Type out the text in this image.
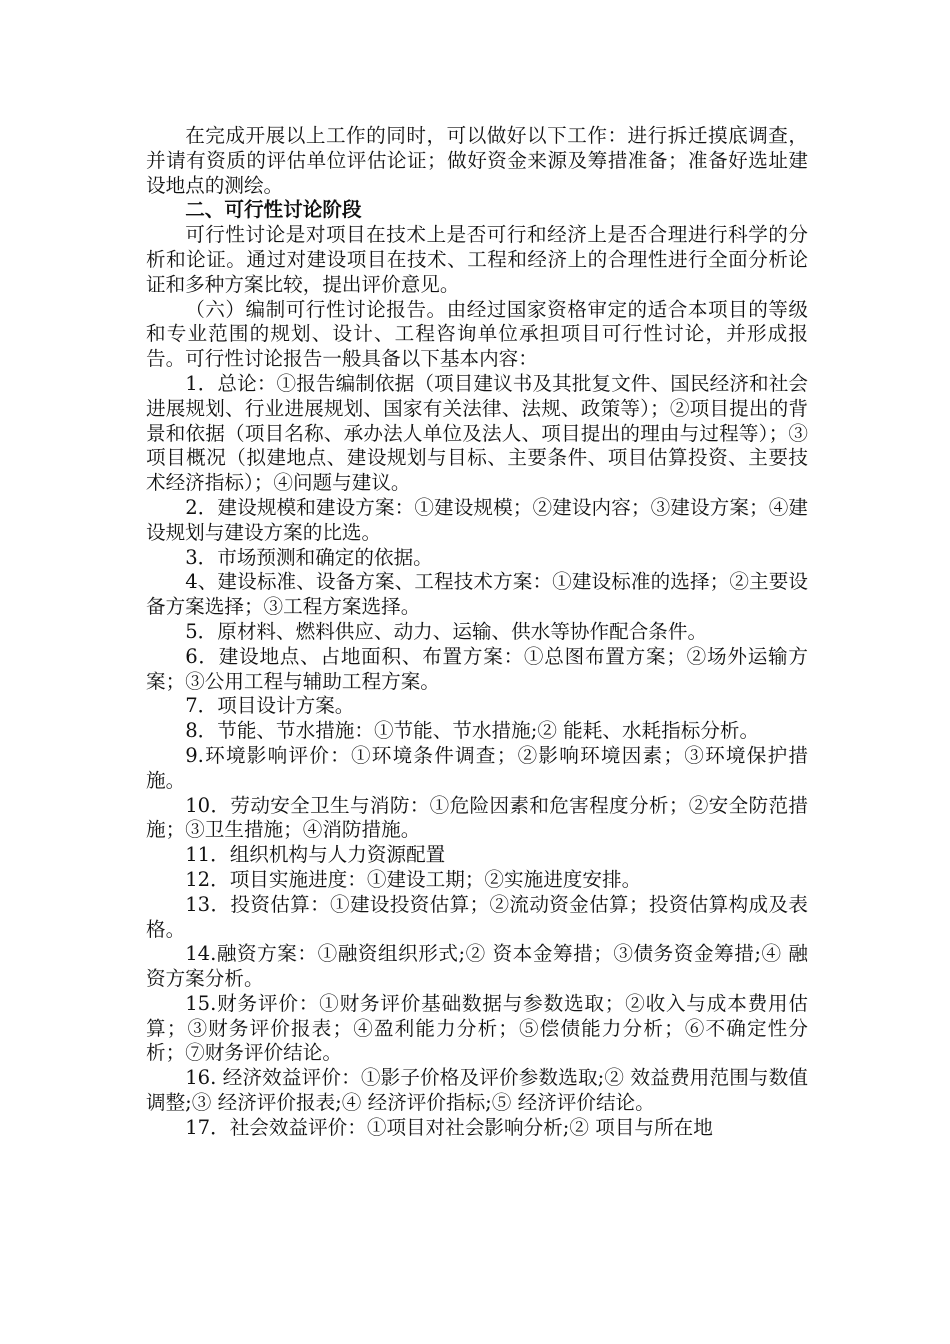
在完成开展以上工作的同时，可以做好以下工作：进行拆迁摸底调查，并请有资质的评估单位评估论证；做好资金来源及筹措准备；准备好选址建设地点的测绘。

二、可行性讨论阶段

可行性讨论是对项目在技术上是否可行和经济上是否合理进行科学的分析和论证。通过对建设项目在技术、工程和经济上的合理性进行全面分析论证和多种方案比较，提出评价意见。

（六）编制可行性讨论报告。由经过国家资格审定的适合本项目的等级和专业范围的规划、设计、工程咨询单位承担项目可行性讨论，并形成报告。可行性讨论报告一般具备以下基本内容：

1．总论：①报告编制依据（项目建议书及其批复文件、国民经济和社会进展规划、行业进展规划、国家有关法律、法规、政策等）；②项目提出的背景和依据（项目名称、承办法人单位及法人、项目提出的理由与过程等）；③项目概况（拟建地点、建设规划与目标、主要条件、项目估算投资、主要技术经济指标）；④问题与建议。

2．建设规模和建设方案：①建设规模；②建设内容；③建设方案；④建设规划与建设方案的比选。

3．市场预测和确定的依据。

4、建设标准、设备方案、工程技术方案：①建设标准的选择；②主要设备方案选择；③工程方案选择。

5．原材料、燃料供应、动力、运输、供水等协作配合条件。

6．建设地点、占地面积、布置方案：①总图布置方案；②场外运输方案；③公用工程与辅助工程方案。

7．项目设计方案。

8．节能、节水措施：①节能、节水措施;② 能耗、水耗指标分析。

9.环境影响评价：①环境条件调查；②影响环境因素；③环境保护措施。

10．劳动安全卫生与消防：①危险因素和危害程度分析；②安全防范措施；③卫生措施；④消防措施。

11．组织机构与人力资源配置

12．项目实施进度：①建设工期；②实施进度安排。

13．投资估算：①建设投资估算；②流动资金估算；投资估算构成及表格。

14.融资方案：①融资组织形式;② 资本金筹措；③债务资金筹措;④ 融资方案分析。

15.财务评价：①财务评价基础数据与参数选取；②收入与成本费用估算；③财务评价报表；④盈利能力分析；⑤偿债能力分析；⑥不确定性分析；⑦财务评价结论。

16. 经济效益评价：①影子价格及评价参数选取;② 效益费用范围与数值调整;③ 经济评价报表;④ 经济评价指标;⑤ 经济评价结论。

17．社会效益评价：①项目对社会影响分析;② 项目与所在地
